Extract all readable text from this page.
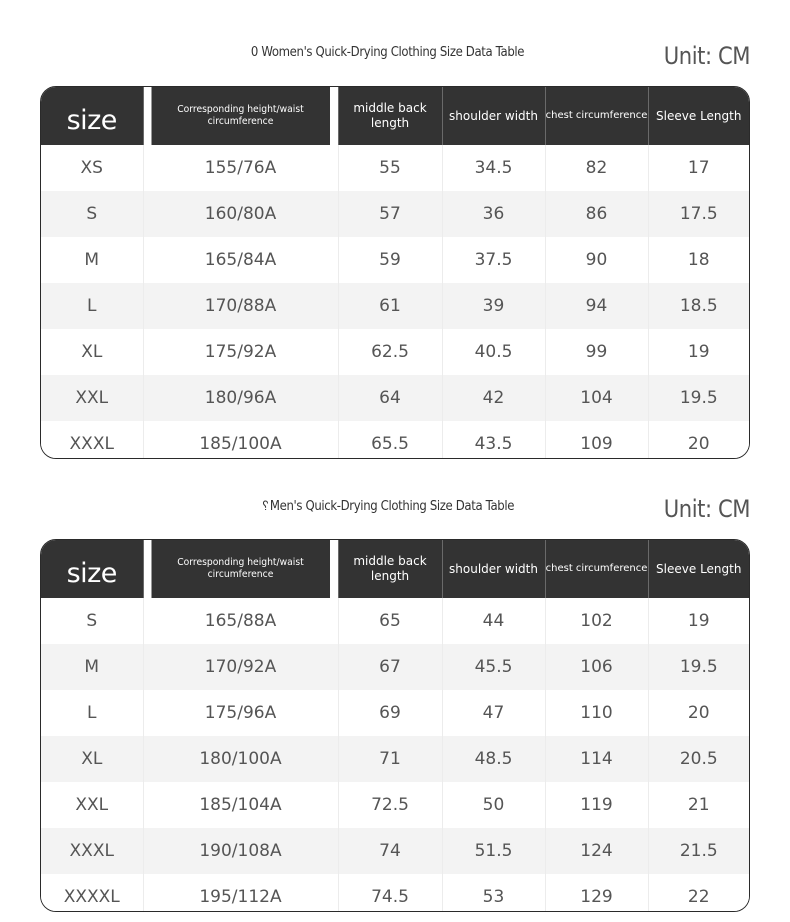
0 Women's Quick-Drying Clothing Size Data Table	Unit: CM
size	Corresponding height/waist circumference	middle back length	shoulder width	chest circumference	Sleeve Length
XS	155/76A	55	34.5	82	17
S	160/80A	57	36	86	17.5
M	165/84A	59	37.5	90	18
L	170/88A	61	39	94	18.5
XL	175/92A	62.5	40.5	99	19
XXL	180/96A	64	42	104	19.5
XXXL	185/100A	65.5	43.5	109	20
␦Men's Quick-Drying Clothing Size Data Table	Unit: CM
size	Corresponding height/waist circumference	middle back length	shoulder width	chest circumference	Sleeve Length
S	165/88A	65	44	102	19
M	170/92A	67	45.5	106	19.5
L	175/96A	69	47	110	20
XL	180/100A	71	48.5	114	20.5
XXL	185/104A	72.5	50	119	21
XXXL	190/108A	74	51.5	124	21.5
XXXXL	195/112A	74.5	53	129	22
